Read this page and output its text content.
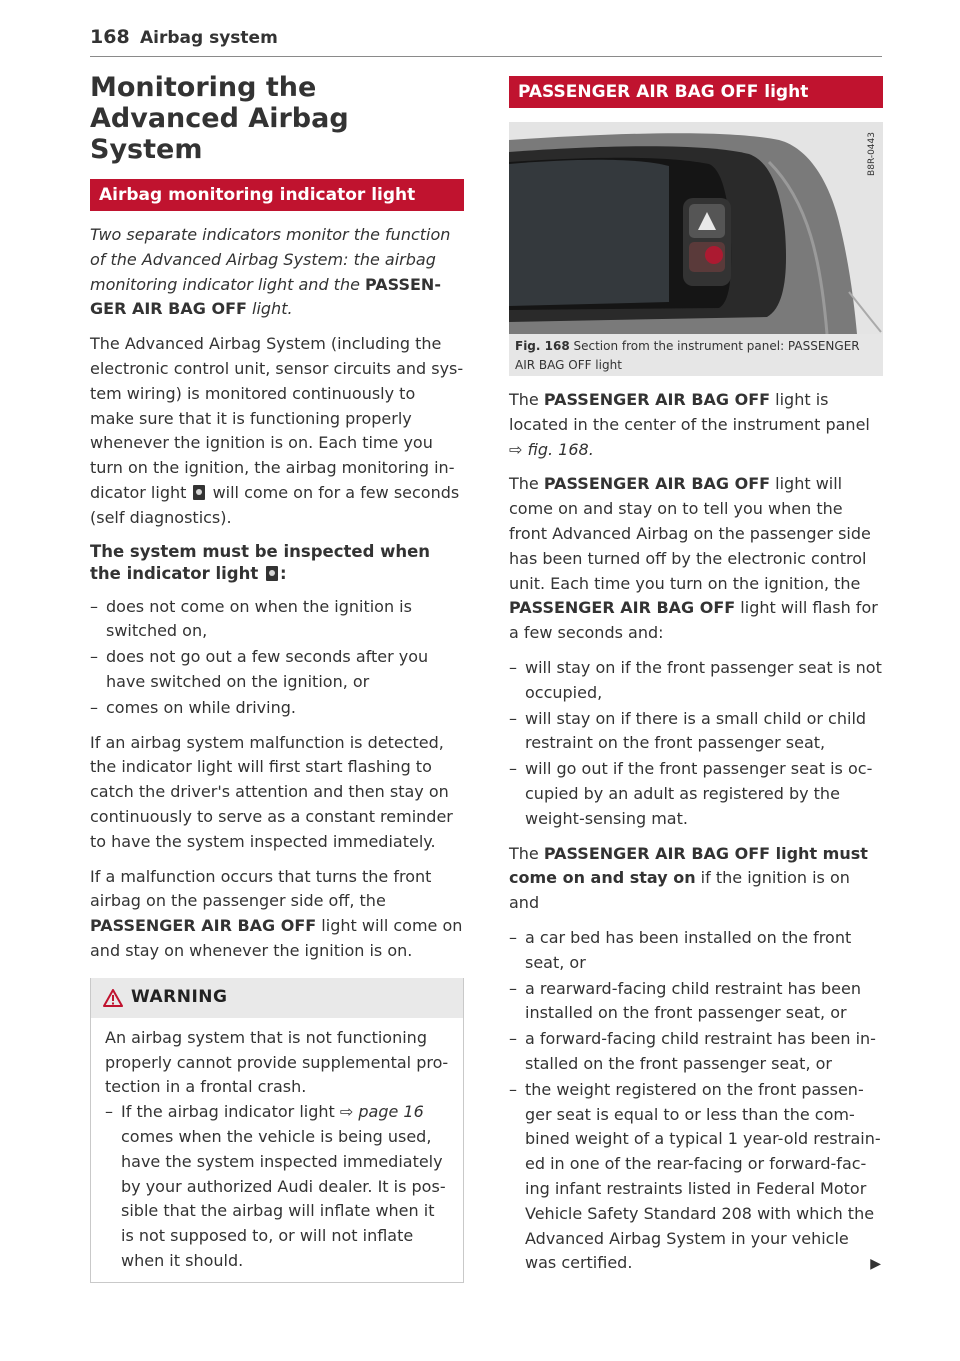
168 Airbag system
Monitoring the Advanced Airbag System
Airbag monitoring indicator light

Two separate indicators monitor the function of the Advanced Airbag System: the airbag monitoring indicator light and the PASSENGER AIR BAG OFF light.

The Advanced Airbag System (including the electronic control unit, sensor circuits and system wiring) is monitored continuously to make sure that it is functioning properly whenever the ignition is on. Each time you turn on the ignition, the airbag monitoring indicator light  will come on for a few seconds (self diagnostics).

The system must be inspected when the indicator light :
– does not come on when the ignition is switched on,
– does not go out a few seconds after you have switched on the ignition, or
– comes on while driving.

If an airbag system malfunction is detected, the indicator light will first start flashing to catch the driver's attention and then stay on continuously to serve as a constant reminder to have the system inspected immediately.

If a malfunction occurs that turns the front airbag on the passenger side off, the PASSENGER AIR BAG OFF light will come on and stay on whenever the ignition is on.

WARNING

An airbag system that is not functioning properly cannot provide supplemental protection in a frontal crash.

– If the airbag indicator light ⇨ page 16 comes when the vehicle is being used, have the system inspected immediately by your authorized Audi dealer. It is possible that the airbag will inflate when it is not supposed to, or will not inflate when it should.
PASSENGER AIR BAG OFF light
B8R-0443
Fig. 168 Section from the instrument panel: PASSENGER AIR BAG OFF light

The PASSENGER AIR BAG OFF light is located in the center of the instrument panel ⇨ fig. 168.

The PASSENGER AIR BAG OFF light will come on and stay on to tell you when the front Advanced Airbag on the passenger side has been turned off by the electronic control unit. Each time you turn on the ignition, the PASSENGER AIR BAG OFF light will flash for a few seconds and:

– will stay on if the front passenger seat is not occupied,
– will stay on if there is a small child or child restraint on the front passenger seat,
– will go out if the front passenger seat is occupied by an adult as registered by the weight-sensing mat.

The PASSENGER AIR BAG OFF light must come on and stay on if the ignition is on and

– a car bed has been installed on the front seat, or
– a rearward-facing child restraint has been installed on the front passenger seat, or
– a forward-facing child restraint has been installed on the front passenger seat, or
– the weight registered on the front passenger seat is equal to or less than the combined weight of a typical 1 year-old restrained in one of the rear-facing or forward-facing infant restraints listed in Federal Motor Vehicle Safety Standard 208 with which the Advanced Airbag System in your vehicle was certified.	▶
